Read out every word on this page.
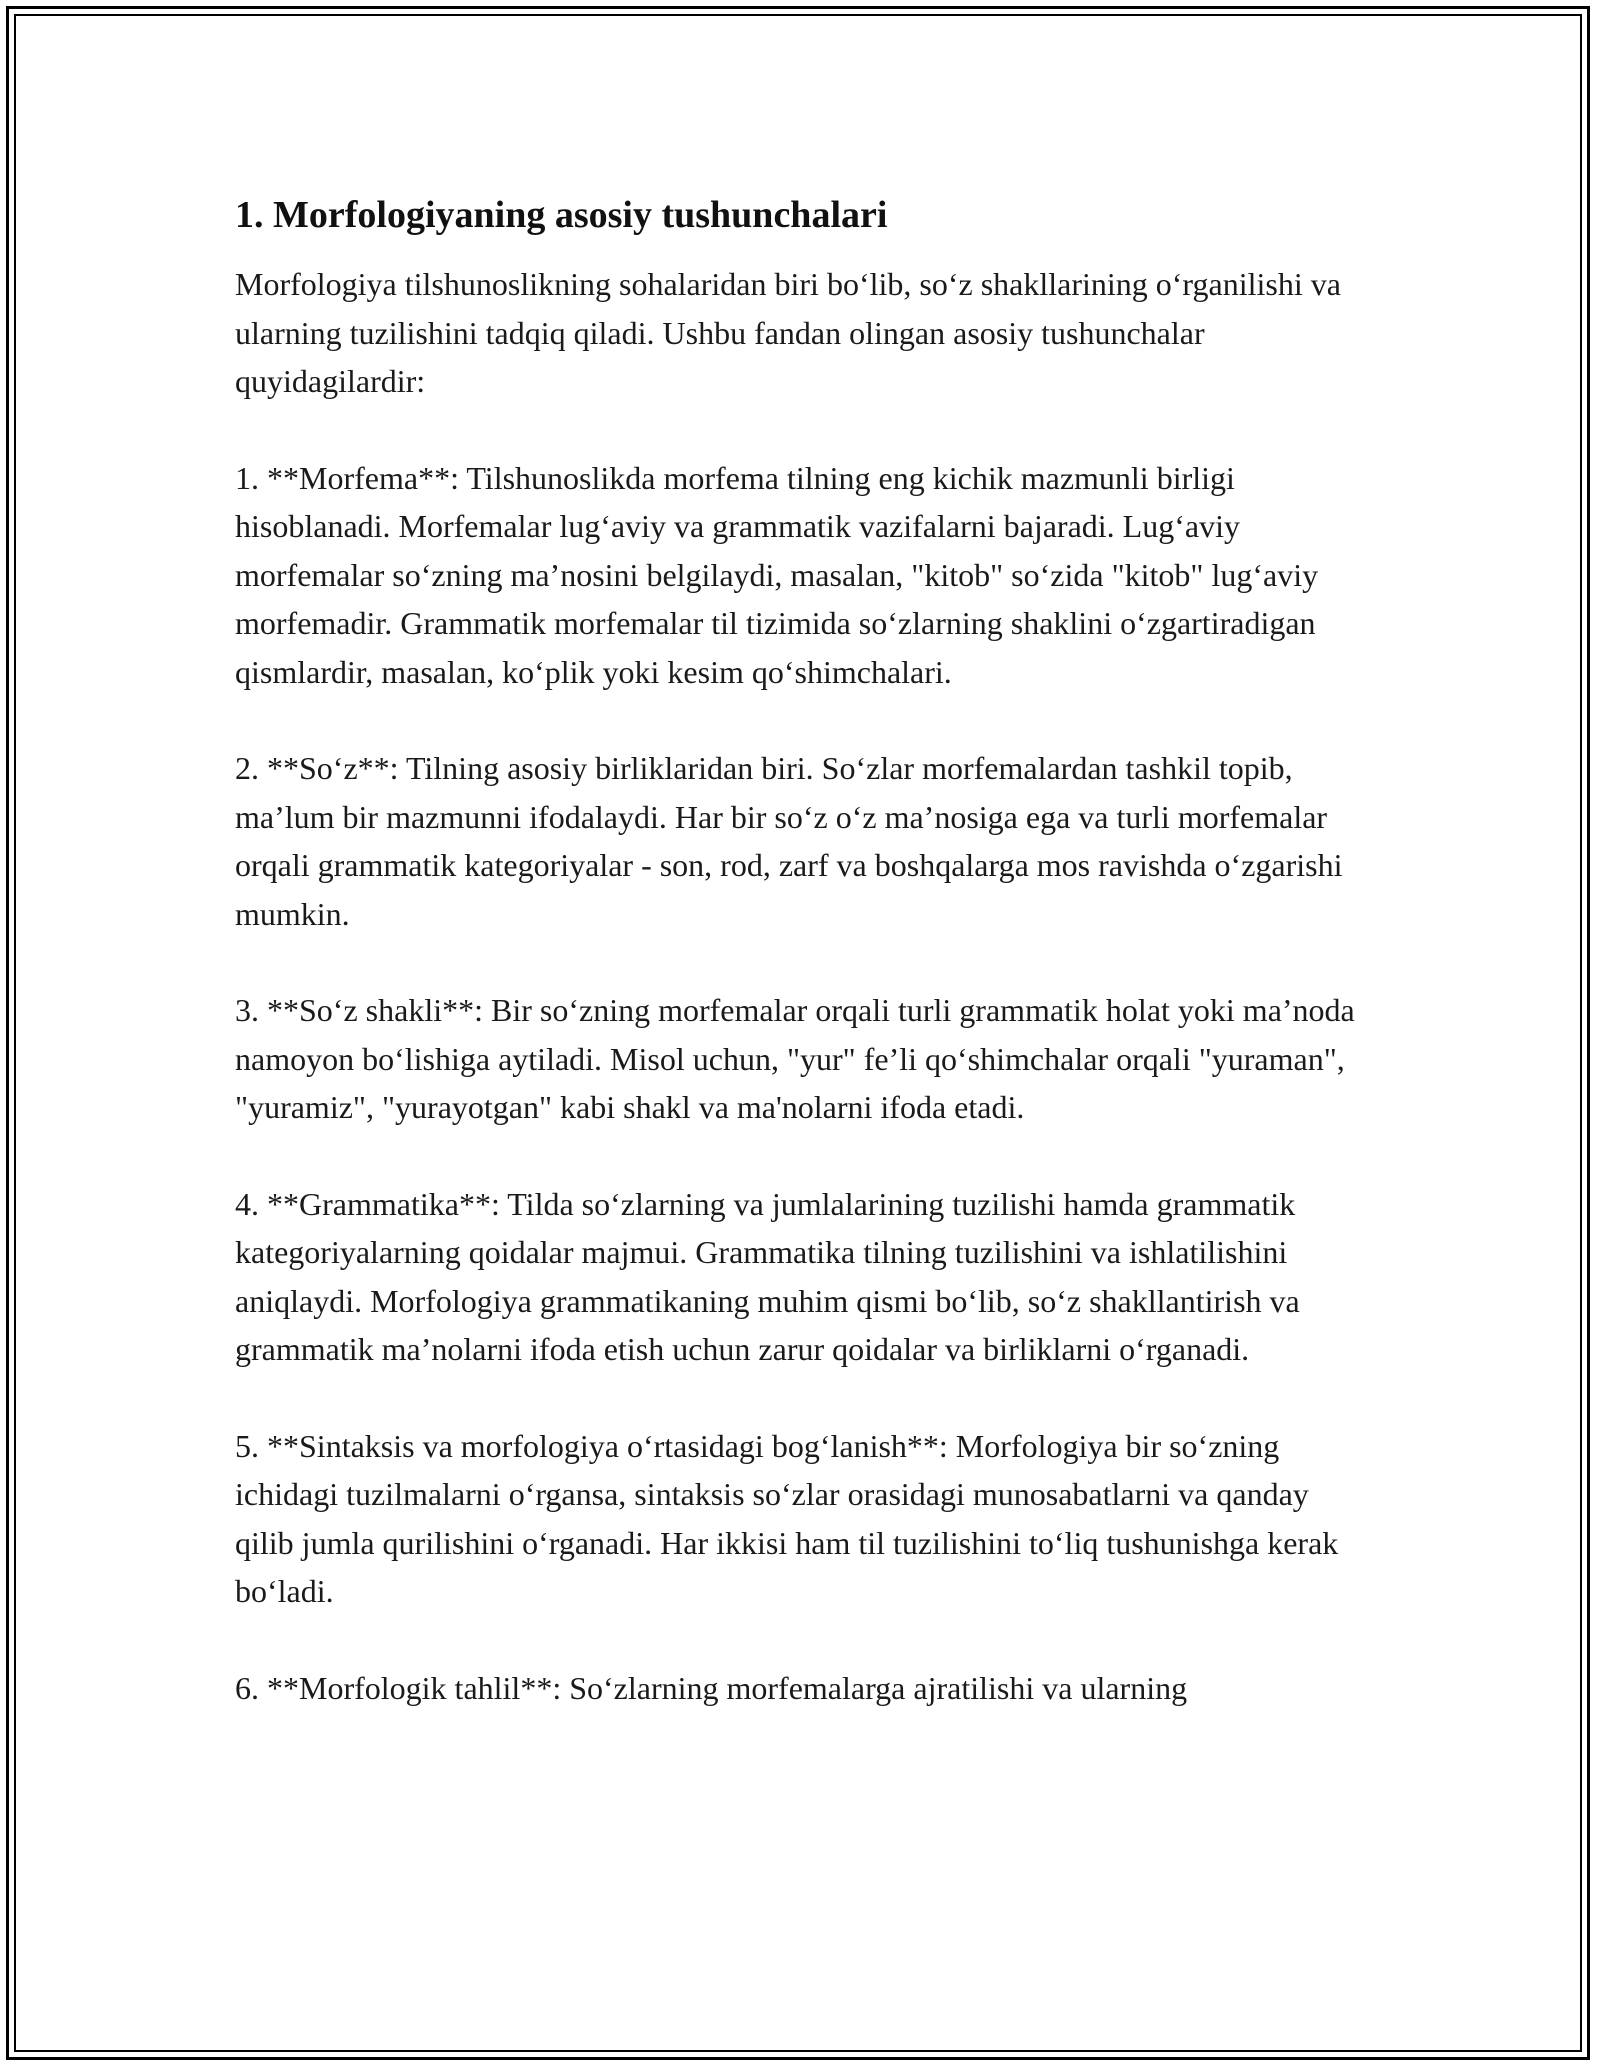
1. Morfologiyaning asosiy tushunchalari

Morfologiya tilshunoslikning sohalaridan biri bo‘lib, so‘z shakllarining o‘rganilishi va ularning tuzilishini tadqiq qiladi. Ushbu fandan olingan asosiy tushunchalar quyidagilardir:

1. **Morfema**: Tilshunoslikda morfema tilning eng kichik mazmunli birligi hisoblanadi. Morfemalar lug‘aviy va grammatik vazifalarni bajaradi. Lug‘aviy morfemalar so‘zning ma’nosini belgilaydi, masalan, "kitob" so‘zida "kitob" lug‘aviy morfemadir. Grammatik morfemalar til tizimida so‘zlarning shaklini o‘zgartiradigan qismlardir, masalan, ko‘plik yoki kesim qo‘shimchalari.

2. **So‘z**: Tilning asosiy birliklaridan biri. So‘zlar morfemalardan tashkil topib, ma’lum bir mazmunni ifodalaydi. Har bir so‘z o‘z ma’nosiga ega va turli morfemalar orqali grammatik kategoriyalar - son, rod, zarf va boshqalarga mos ravishda o‘zgarishi mumkin.

3. **So‘z shakli**: Bir so‘zning morfemalar orqali turli grammatik holat yoki ma’noda namoyon bo‘lishiga aytiladi. Misol uchun, "yur" fe’li qo‘shimchalar orqali "yuraman", "yuramiz", "yurayotgan" kabi shakl va ma'nolarni ifoda etadi.

4. **Grammatika**: Tilda so‘zlarning va jumlalarining tuzilishi hamda grammatik kategoriyalarning qoidalar majmui. Grammatika tilning tuzilishini va ishlatilishini aniqlaydi. Morfologiya grammatikaning muhim qismi bo‘lib, so‘z shakllantirish va grammatik ma’nolarni ifoda etish uchun zarur qoidalar va birliklarni o‘rganadi.

5. **Sintaksis va morfologiya o‘rtasidagi bog‘lanish**: Morfologiya bir so‘zning ichidagi tuzilmalarni o‘rgansa, sintaksis so‘zlar orasidagi munosabatlarni va qanday qilib jumla qurilishini o‘rganadi. Har ikkisi ham til tuzilishini to‘liq tushunishga kerak bo‘ladi.

6. **Morfologik tahlil**: So‘zlarning morfemalarga ajratilishi va ularning
